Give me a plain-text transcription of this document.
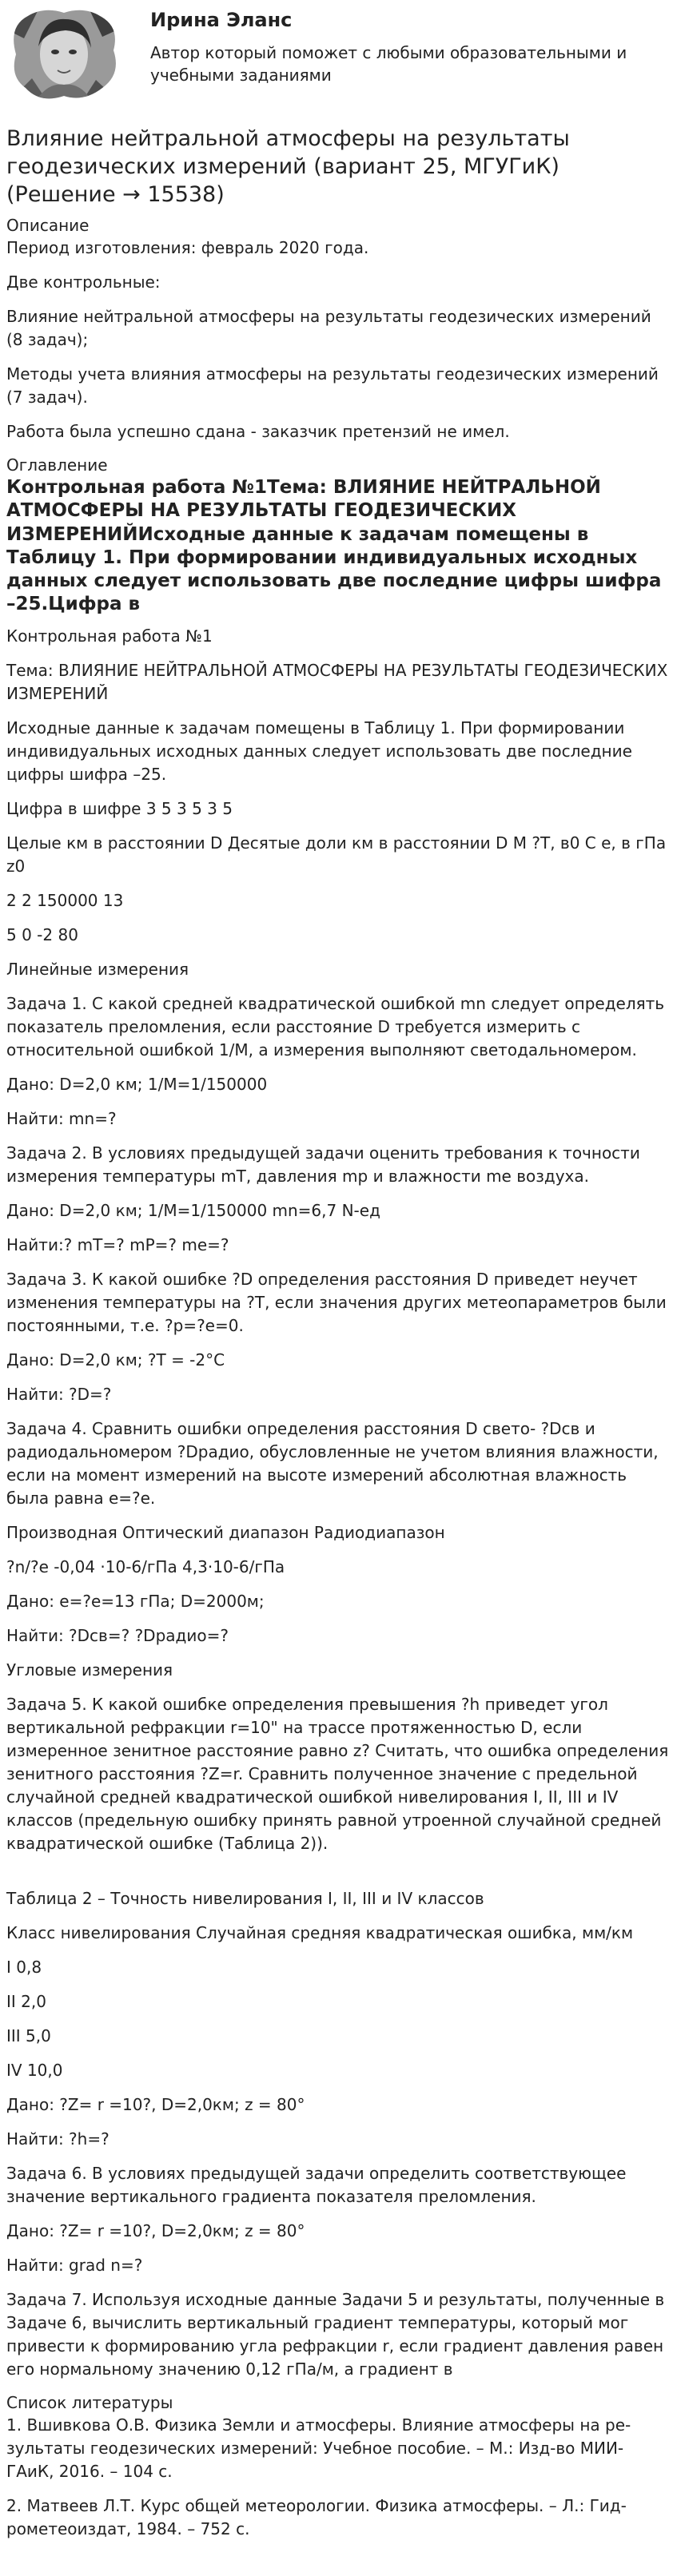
Ирина Эланс
Автор который поможет с любыми образовательными и учебными заданиями
Влияние нейтральной атмосферы на результаты геодезических измерений (вариант 25, МГУГиК) (Решение → 15538)
Описание
Период изготовления: февраль 2020 года.
Две контрольные:
Влияние нейтральной атмосферы на результаты геодезических измерений (8 задач);
Методы учета влияния атмосферы на результаты геодезических измерений (7 задач).
Работа была успешно сдана - заказчик претензий не имел.
Оглавление
Контрольная работа №1Тема: ВЛИЯНИЕ НЕЙТРАЛЬНОЙ АТМОСФЕРЫ НА РЕЗУЛЬТАТЫ ГЕОДЕЗИЧЕСКИХ ИЗМЕРЕНИЙИсходные данные к задачам помещены в Таблицу 1. При формировании индивидуальных исходных данных следует использовать две последние цифры шифра –25.Цифра в
Контрольная работа №1
Тема: ВЛИЯНИЕ НЕЙТРАЛЬНОЙ АТМОСФЕРЫ НА РЕЗУЛЬТАТЫ ГЕОДЕЗИЧЕСКИХ ИЗМЕРЕНИЙ
Исходные данные к задачам помещены в Таблицу 1. При формировании индивидуальных исходных данных следует использовать две последние цифры шифра –25.
Цифра в шифре 3 5 3 5 3 5
Целые км в расстоянии D Десятые доли км в расстоянии D M ?T, в0 С е, в гПа z0
2 2 150000 13
5 0 -2 80
Линейные измерения
Задача 1. С какой средней квадратической ошибкой mn следует определять показатель преломления, если расстояние D требуется измерить с относительной ошибкой 1/M, а измерения выполняют светодальномером.
Дано: D=2,0 км; 1/M=1/150000
Найти: mn=?
Задача 2. В условиях предыдущей задачи оценить требования к точности измерения температуры mT, давления mp и влажности me воздуха.
Дано: D=2,0 км; 1/M=1/150000 mn=6,7 N-ед
Найти:? mT=? mP=? me=?
Задача 3. К какой ошибке ?D определения расстояния D приведет неучет изменения температуры на ?T, если значения других метеопараметров были постоянными, т.е. ?p=?e=0.
Дано: D=2,0 км; ?T = -2°С
Найти: ?D=?
Задача 4. Сравнить ошибки определения расстояния D свето- ?Dсв и радиодальномером ?Dрадио, обусловленные не учетом влияния влажности, если на момент измерений на высоте измерений абсолютная влажность была равна e=?e.
Производная Оптический диапазон Радиодиапазон
?n/?e -0,04 ·10-6/гПа 4,3·10-6/гПа
Дано: e=?e=13 гПа; D=2000м;
Найти: ?Dсв=? ?Dрадио=?
Угловые измерения
Задача 5. К какой ошибке определения превышения ?h приведет угол вертикальной рефракции r=10" на трассе протяженностью D, если измеренное зенитное расстояние равно z? Считать, что ошибка определения зенитного расстояния ?Z=r. Сравнить полученное значение с предельной случайной средней квадратической ошибкой нивелирования I, II, III и IV классов (предельную ошибку принять равной утроенной случайной средней квадратической ошибке (Таблица 2)).
Таблица 2 – Точность нивелирования I, II, III и IV классов
Класс нивелирования Случайная средняя квадратическая ошибка, мм/км
I 0,8
II 2,0
III 5,0
IV 10,0
Дано: ?Z= r =10?, D=2,0км; z = 80°
Найти: ?h=?
Задача 6. В условиях предыдущей задачи определить соответствующее значение вертикального градиента показателя преломления.
Дано: ?Z= r =10?, D=2,0км; z = 80°
Найти: grad n=?
Задача 7. Используя исходные данные Задачи 5 и результаты, полученные в Задаче 6, вычислить вертикальный градиент температуры, который мог привести к формированию угла рефракции r, если градиент давления равен его нормальному значению 0,12 гПа/м, а градиент в
Список литературы
1. Вшивкова О.В. Физика Земли и атмосферы. Влияние атмосферы на ре-зультаты геодезических измерений: Учебное пособие. – М.: Изд-во МИИ-ГАиК, 2016. – 104 с.
2. Матвеев Л.Т. Курс общей метеорологии. Физика атмосферы. – Л.: Гид-рометеоиздат, 1984. – 752 с.
